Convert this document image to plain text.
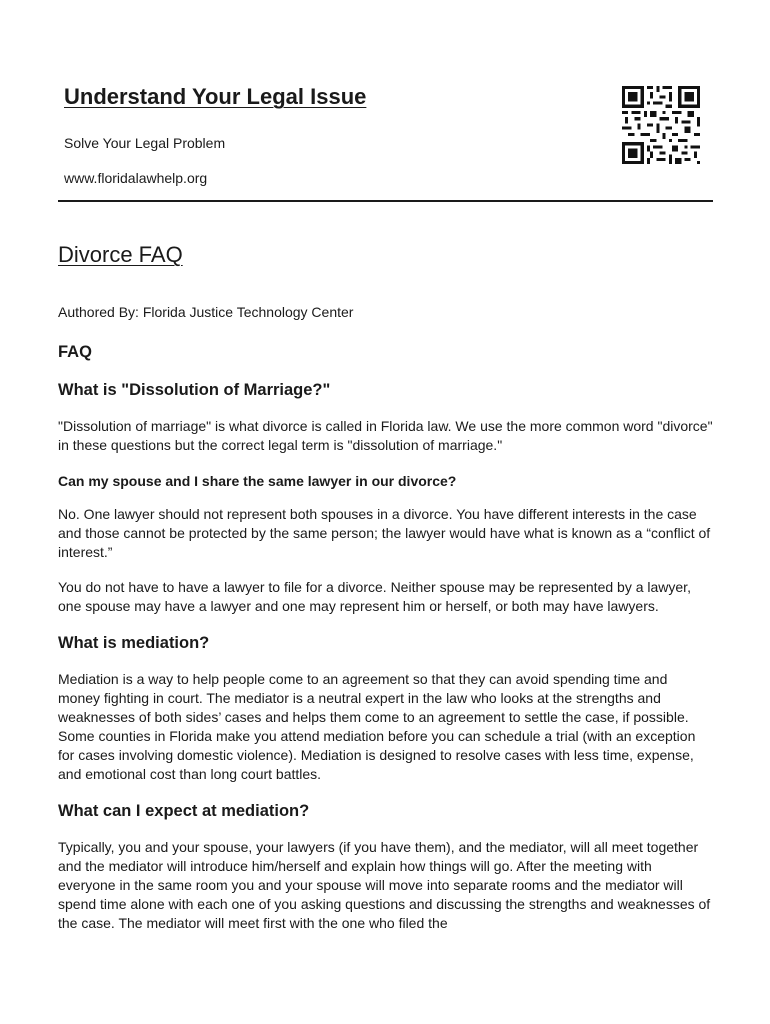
Understand Your Legal Issue
Solve Your Legal Problem
www.floridalawhelp.org
Divorce FAQ

Authored By: Florida Justice Technology Center

FAQ
What is "Dissolution of Marriage?"

"Dissolution of marriage" is what divorce is called in Florida law. We use the more common word "divorce" in these questions but the correct legal term is "dissolution of marriage."

Can my spouse and I share the same lawyer in our divorce?

No. One lawyer should not represent both spouses in a divorce. You have different interests in the case and those cannot be protected by the same person; the lawyer would have what is known as a “conflict of interest.”

You do not have to have a lawyer to file for a divorce. Neither spouse may be represented by a lawyer, one spouse may have a lawyer and one may represent him or herself, or both may have lawyers.

What is mediation?

Mediation is a way to help people come to an agreement so that they can avoid spending time and money fighting in court. The mediator is a neutral expert in the law who looks at the strengths and weaknesses of both sides’ cases and helps them come to an agreement to settle the case, if possible. Some counties in Florida make you attend mediation before you can schedule a trial (with an exception for cases involving domestic violence). Mediation is designed to resolve cases with less time, expense, and emotional cost than long court battles.

What can I expect at mediation?

Typically, you and your spouse, your lawyers (if you have them), and the mediator, will all meet together and the mediator will introduce him/herself and explain how things will go. After the meeting with everyone in the same room you and your spouse will move into separate rooms and the mediator will spend time alone with each one of you asking questions and discussing the strengths and weaknesses of the case. The mediator will meet first with the one who filed the
